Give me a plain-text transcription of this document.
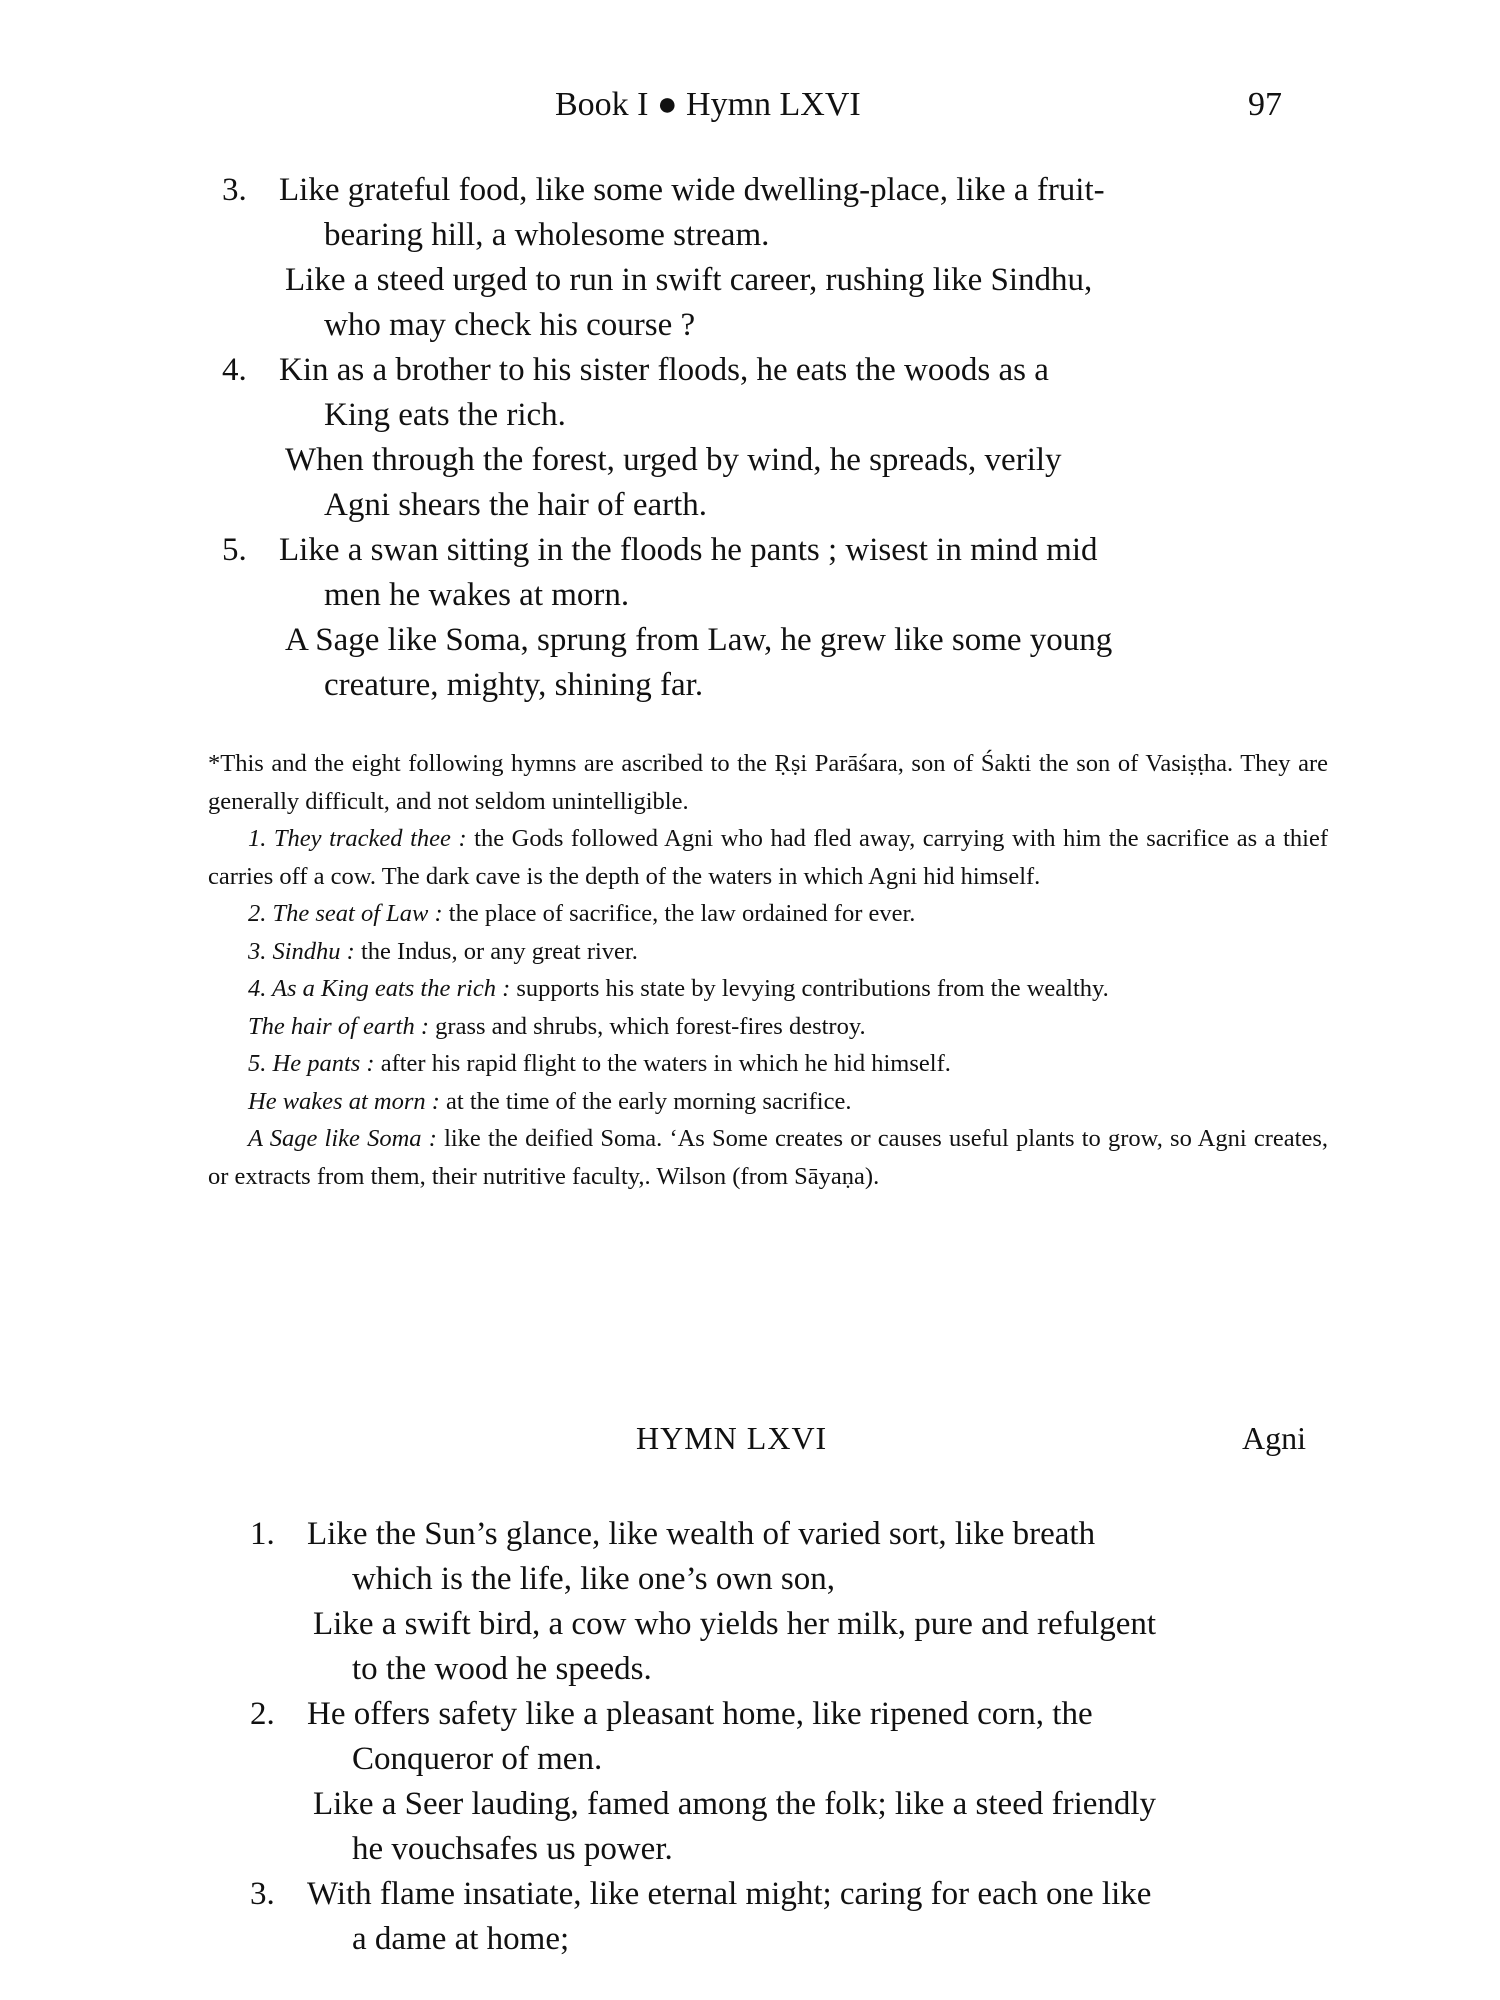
Book I ● Hymn LXVI	97
3. Like grateful food, like some wide dwelling-place, like a fruit-
bearing hill, a wholesome stream.
Like a steed urged to run in swift career, rushing like Sindhu,
who may check his course ?
4. Kin as a brother to his sister floods, he eats the woods as a
King eats the rich.
When through the forest, urged by wind, he spreads, verily
Agni shears the hair of earth.
5. Like a swan sitting in the floods he pants ; wisest in mind mid
men he wakes at morn.
A Sage like Soma, sprung from Law, he grew like some young
creature, mighty, shining far.

*This and the eight following hymns are ascribed to the Ṛṣi Parāśara, son of Śakti the son of Vasiṣṭha. They are generally difficult, and not seldom unintelligible.

1. They tracked thee : the Gods followed Agni who had fled away, carrying with him the sacrifice as a thief carries off a cow. The dark cave is the depth of the waters in which Agni hid himself.

2. The seat of Law : the place of sacrifice, the law ordained for ever.

3. Sindhu : the Indus, or any great river.

4. As a King eats the rich : supports his state by levying contributions from the wealthy.

The hair of earth : grass and shrubs, which forest-fires destroy.

5. He pants : after his rapid flight to the waters in which he hid himself.

He wakes at morn : at the time of the early morning sacrifice.

A Sage like Soma : like the deified Soma. ‘As Some creates or causes useful plants to grow, so Agni creates, or extracts from them, their nutritive faculty,. Wilson (from Sāyaṇa).

HYMN LXVI	Agni
1. Like the Sun’s glance, like wealth of varied sort, like breath
which is the life, like one’s own son,
Like a swift bird, a cow who yields her milk, pure and refulgent
to the wood he speeds.
2. He offers safety like a pleasant home, like ripened corn, the
Conqueror of men.
Like a Seer lauding, famed among the folk; like a steed friendly
he vouchsafes us power.
3. With flame insatiate, like eternal might; caring for each one like
a dame at home;
